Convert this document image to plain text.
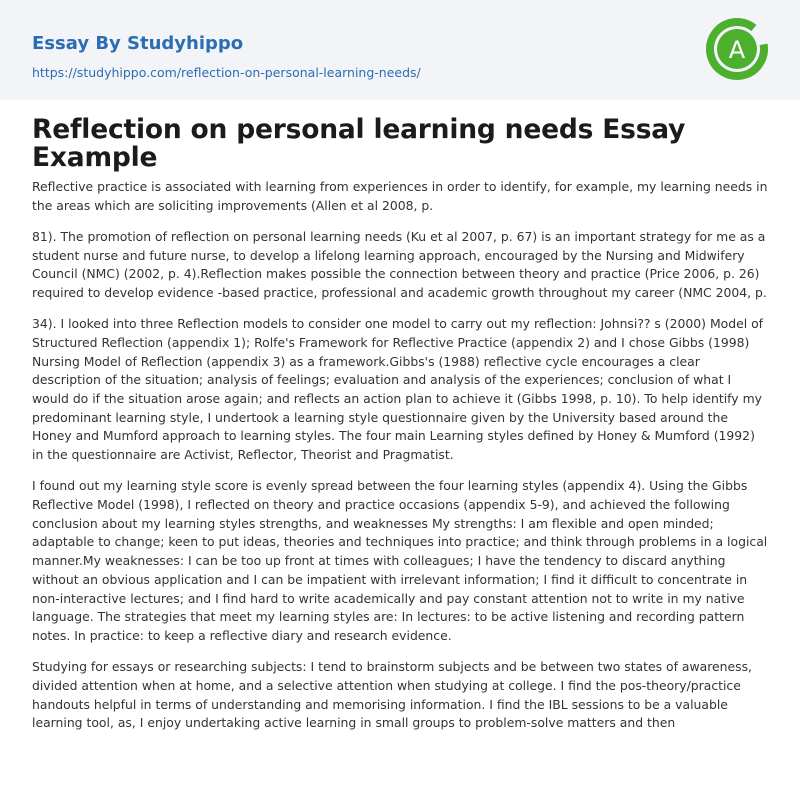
Essay By Studyhippo
https://studyhippo.com/reflection-on-personal-learning-needs/
A
Reflection on personal learning needs Essay Example

Reflective practice is associated with learning from experiences in order to identify, for example, my learning needs in the areas which are soliciting improvements (Allen et al 2008, p.

81). The promotion of reflection on personal learning needs (Ku et al 2007, p. 67) is an important strategy for me as a student nurse and future nurse, to develop a lifelong learning approach, encouraged by the Nursing and Midwifery Council (NMC) (2002, p. 4).Reflection makes possible the connection between theory and practice (Price 2006, p. 26) required to develop evidence -based practice, professional and academic growth throughout my career (NMC 2004, p.

34). I looked into three Reflection models to consider one model to carry out my reflection: Johnsi?? s (2000) Model of Structured Reflection (appendix 1); Rolfe's Framework for Reflective Practice (appendix 2) and I chose Gibbs (1998) Nursing Model of Reflection (appendix 3) as a framework.Gibbs's (1988) reflective cycle encourages a clear description of the situation; analysis of feelings; evaluation and analysis of the experiences; conclusion of what I would do if the situation arose again; and reflects an action plan to achieve it (Gibbs 1998, p. 10). To help identify my predominant learning style, I undertook a learning style questionnaire given by the University based around the Honey and Mumford approach to learning styles. The four main Learning styles defined by Honey & Mumford (1992) in the questionnaire are Activist, Reflector, Theorist and Pragmatist.

I found out my learning style score is evenly spread between the four learning styles (appendix 4). Using the Gibbs Reflective Model (1998), I reflected on theory and practice occasions (appendix 5-9), and achieved the following conclusion about my learning styles strengths, and weaknesses My strengths: I am flexible and open minded; adaptable to change; keen to put ideas, theories and techniques into practice; and think through problems in a logical manner.My weaknesses: I can be too up front at times with colleagues; I have the tendency to discard anything without an obvious application and I can be impatient with irrelevant information; I find it difficult to concentrate in non-interactive lectures; and I find hard to write academically and pay constant attention not to write in my native language. The strategies that meet my learning styles are: In lectures: to be active listening and recording pattern notes. In practice: to keep a reflective diary and research evidence.

Studying for essays or researching subjects: I tend to brainstorm subjects and be between two states of awareness, divided attention when at home, and a selective attention when studying at college. I find the pos-theory/practice handouts helpful in terms of understanding and memorising information. I find the IBL sessions to be a valuable learning tool, as, I enjoy undertaking active learning in small groups to problem-solve matters and then
